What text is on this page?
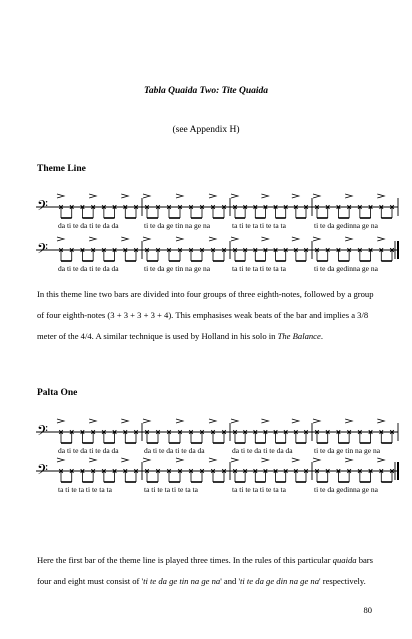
Tabla Quaida Two: Tite Quaida
(see Appendix H)
Theme Line
𝄢
𝄢
𝄢
𝄢
In this theme line two bars are divided into four groups of three eighth-notes, followed by a group
of four eighth-notes (3 + 3 + 3 + 3 + 4). This emphasises weak beats of the bar and implies a 3/8
meter of the 4/4. A similar technique is used by Holland in his solo in The Balance.
Palta One
Here the first bar of the theme line is played three times. In the rules of this particular quaida bars
four and eight must consist of 'ti te da ge tin na ge na' and 'ti te da ge din na ge na' respectively.
80
da ti te da ti te da da	ti te da ge tin na ge na	ta ti te ta ti te ta ta	ti te da gedinna ge na
da ti te da ti te da da	ti te da ge tin na ge na	ta ti te ta ti te ta ta	ti te da gedinna ge na
da ti te da ti te da da	da ti te da ti te da da	da ti te da ti te da da	ti te da ge tin na ge na
ta ti te ta ti te ta ta	ta ti te ta ti te ta ta	ta ti te ta ti te ta ta	ti te da gedinna ge na
